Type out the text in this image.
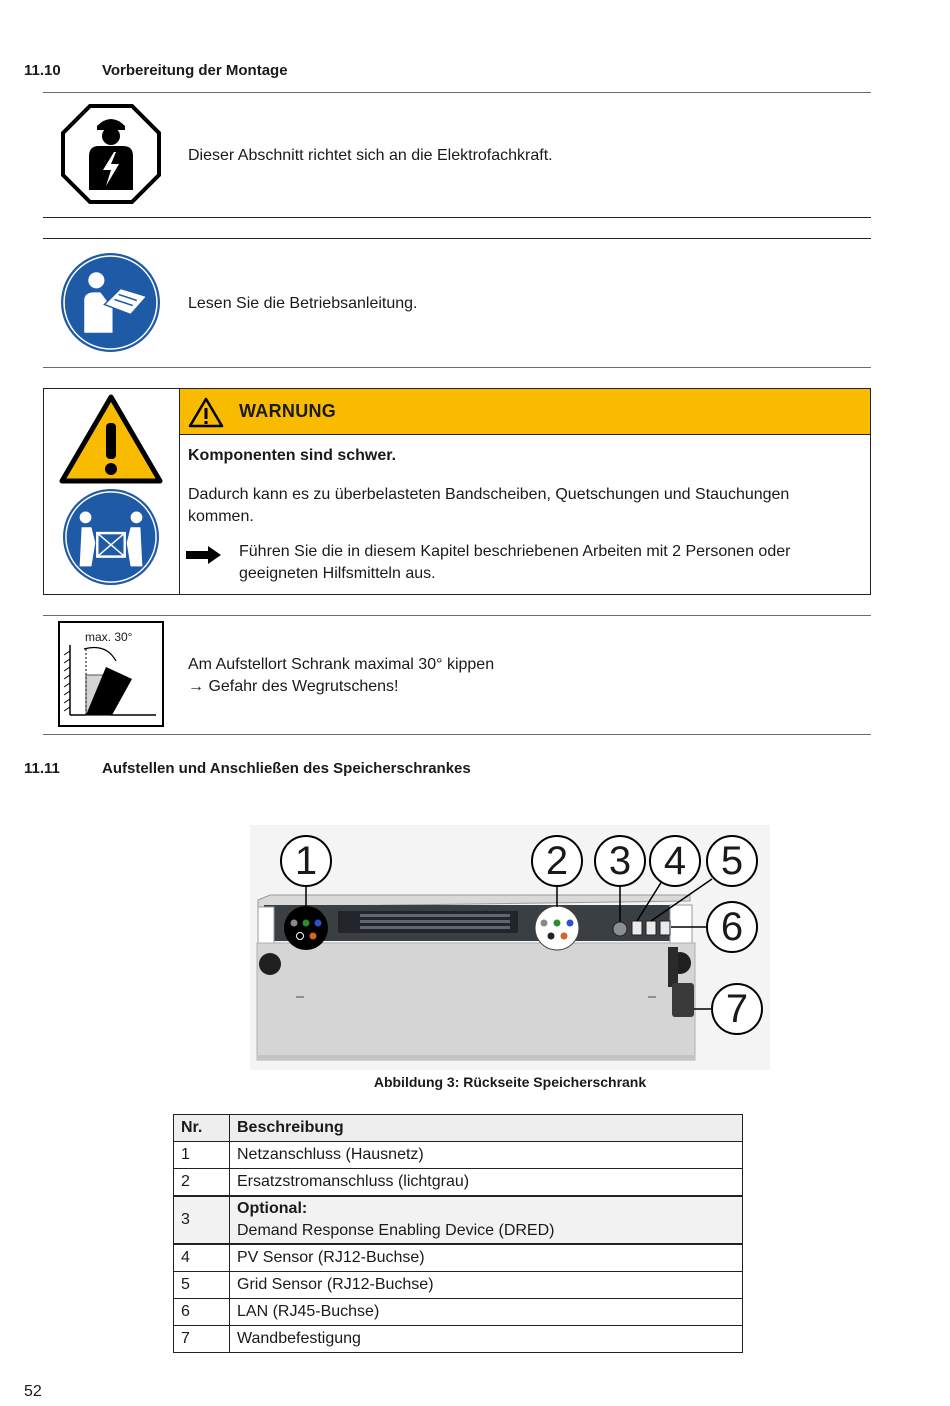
11.10	Vorbereitung der Montage
Dieser Abschnitt richtet sich an die Elektrofachkraft.
Lesen Sie die Betriebsanleitung.
WARNUNG
Komponenten sind schwer.
Dadurch kann es zu überbelasteten Bandscheiben, Quetschungen und Stauchungen kommen.
Führen Sie die in diesem Kapitel beschriebenen Arbeiten mit 2 Personen oder geeigneten Hilfsmitteln aus.
max. 30°
Am Aufstellort Schrank maximal 30° kippen
→ Gefahr des Wegrutschens!
11.11	Aufstellen und Anschließen des Speicherschrankes
1	2	3 4 5
6
7
Abbildung 3: Rückseite Speicherschrank
Nr.	Beschreibung
1	Netzanschluss (Hausnetz)
2	Ersatzstromanschluss (lichtgrau)
3	Optional:
Demand Response Enabling Device (DRED)

4	PV Sensor (RJ12-Buchse)
5	Grid Sensor (RJ12-Buchse)
6	LAN (RJ45-Buchse)
7	Wandbefestigung
52
